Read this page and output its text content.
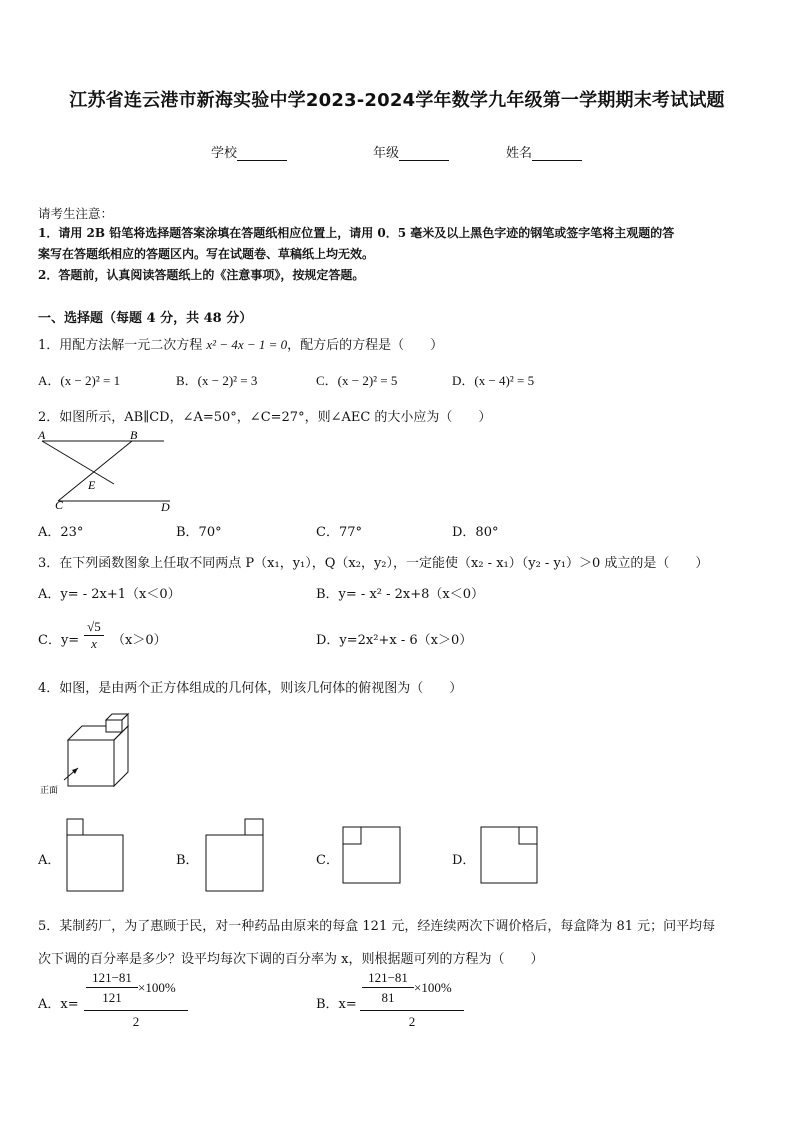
江苏省连云港市新海实验中学2023-2024学年数学九年级第一学期期末考试试题
学校	年级	姓名
请考生注意：
1．请用 2B 铅笔将选择题答案涂填在答题纸相应位置上，请用 0．5 毫米及以上黑色字迹的钢笔或签字笔将主观题的答
案写在答题纸相应的答题区内。写在试题卷、草稿纸上均无效。
2．答题前，认真阅读答题纸上的《注意事项》，按规定答题。
一、选择题（每题 4 分，共 48 分）
1．用配方法解一元二次方程 x² − 4x − 1 = 0，配方后的方程是（　　）
A．(x − 2)² = 1	B．(x − 2)² = 3	C．(x − 2)² = 5	D．(x − 4)² = 5
2．如图所示，AB∥CD，∠A=50°，∠C=27°，则∠AEC 的大小应为（　　）
A	B
C	D
E
A．23°	B．70°	C．77°	D．80°
3．在下列函数图象上任取不同两点 P（x₁，y₁），Q（x₂，y₂），一定能使（x₂ - x₁）（y₂ - y₁）＞0 成立的是（　　）
A．y= - 2x+1（x＜0）	B．y= - x² - 2x+8（x＜0）
C．$y= \frac{√5}{x} (x>0)$	D．y=2x²+x - 6（x＞0）
4．如图，是由两个正方体组成的几何体，则该几何体的俯视图为（　　）
正面
A．	B．	C．	D．
5．某制药厂，为了惠顾于民，对一种药品由原来的每盒 121 元，经连续两次下调价格后，每盒降为 81 元；问平均每
次下调的百分率是多少？设平均每次下调的百分率为 x，则根据题可列的方程为（　　）
A．x=
121−81
121
×100%
2
B．x=
121−81
81
×100%
2
